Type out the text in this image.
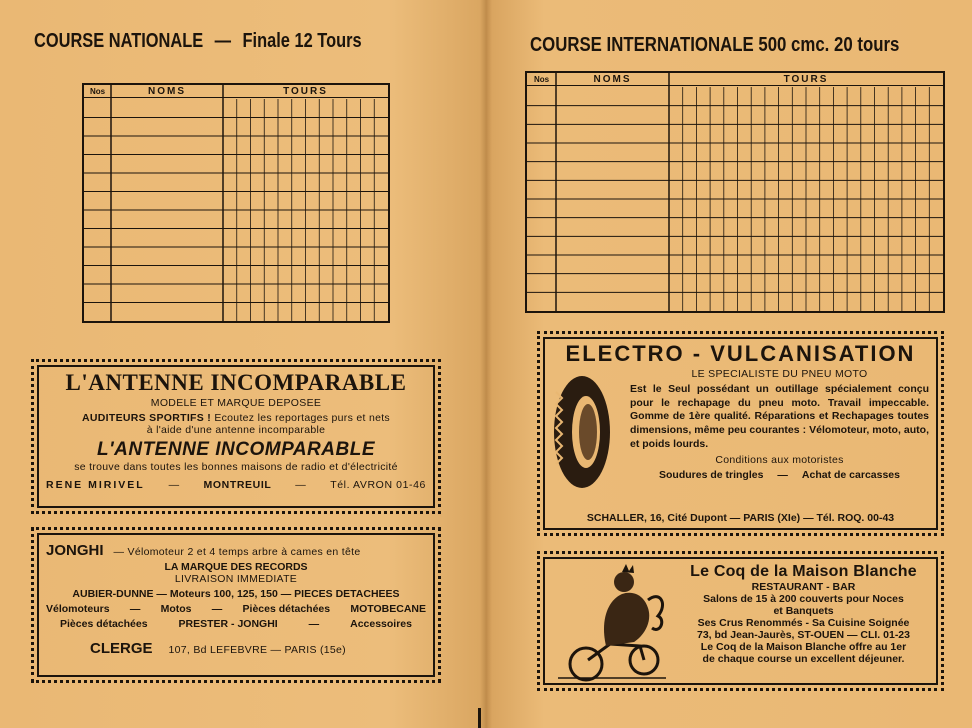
COURSE NATIONALE — Finale 12 Tours
Nos	NOMS	TOURS
COURSE INTERNATIONALE 500 cmc. 20 tours
Nos	NOMS	TOURS

L'ANTENNE INCOMPARABLE

MODELE ET MARQUE DEPOSEE

AUDITEURS SPORTIFS ! Ecoutez les reportages purs et nets

à l'aide d'une antenne incomparable

L'ANTENNE INCOMPARABLE

se trouve dans toutes les bonnes maisons de radio et d'électricité

RENE MIRIVEL — MONTREUIL — Tél. AVRON 01-46
JONGHI — Vélomoteur 2 et 4 temps arbre à cames en tête

LA MARQUE DES RECORDS

LIVRAISON IMMEDIATE

AUBIER-DUNNE — Moteurs 100, 125, 150 — PIECES DETACHEES

Vélomoteurs — Motos — Pièces détachées MOTOBECANE
Pièces détachées	PRESTER - JONGHI	—	Accessoires
CLERGE 107, Bd LEFEBVRE — PARIS (15e)

ELECTRO - VULCANISATION

LE SPECIALISTE DU PNEU MOTO

Est le Seul possédant un outillage spécialement conçu pour le rechapage du pneu moto. Travail impeccable. Gomme de 1ère qualité. Réparations et Rechapages toutes dimensions, même peu courantes : Vélomoteur, moto, auto, et poids lourds.

Conditions aux motoristes

Soudures de tringles — Achat de carcasses

SCHALLER, 16, Cité Dupont — PARIS (XIe) — Tél. ROQ. 00-43

Le Coq de la Maison Blanche

RESTAURANT - BAR

Salons de 15 à 200 couverts pour Noces

et Banquets

Ses Crus Renommés - Sa Cuisine Soignée

73, bd Jean-Jaurès, ST-OUEN — CLI. 01-23

Le Coq de la Maison Blanche offre au 1er

de chaque course un excellent déjeuner.
